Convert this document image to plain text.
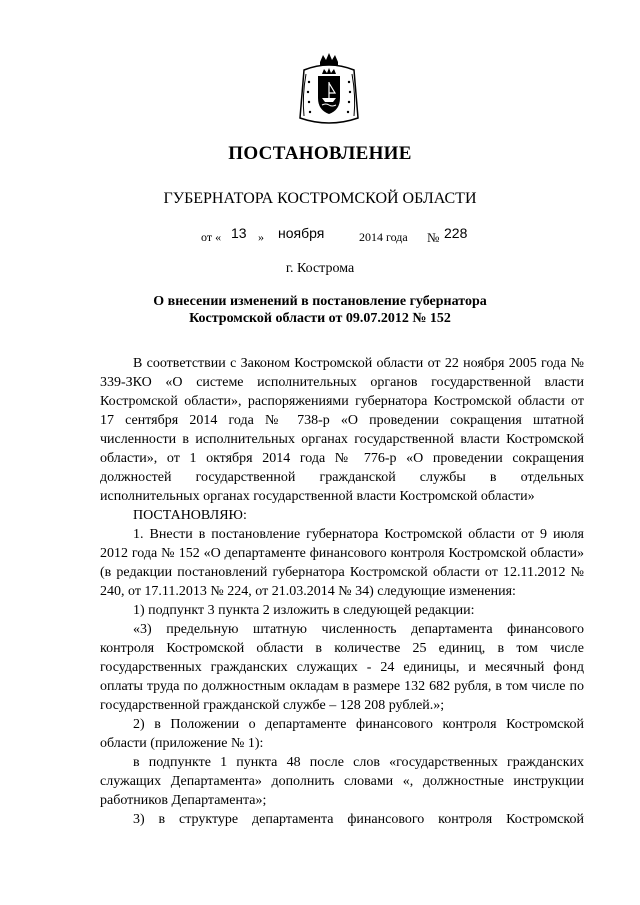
ПОСТАНОВЛЕНИЕ
ГУБЕРНАТОРА КОСТРОМСКОЙ ОБЛАСТИ
от « 13 » ноября	2014 года № 228
г. Кострома
О внесении изменений в постановление губернатора
Костромской области от 09.07.2012 № 152

В соответствии с Законом Костромской области от 22 ноября 2005 года № 339-ЗКО «О системе исполнительных органов государственной власти Костромской области», распоряжениями губернатора Костромской области от 17 сентября 2014 года № 738-р «О проведении сокращения штатной численности в исполнительных органах государственной власти Костромской области», от 1 октября 2014 года № 776-р «О проведении сокращения должностей государственной гражданской службы в отдельных исполнительных органах государственной власти Костромской области»

ПОСТАНОВЛЯЮ:

1. Внести в постановление губернатора Костромской области от 9 июля 2012 года № 152 «О департаменте финансового контроля Костромской области» (в редакции постановлений губернатора Костромской области от 12.11.2012 № 240, от 17.11.2013 № 224, от 21.03.2014 № 34) следующие изменения:

1) подпункт 3 пункта 2 изложить в следующей редакции:

«3) предельную штатную численность департамента финансового контроля Костромской области в количестве 25 единиц, в том числе государственных гражданских служащих - 24 единицы, и месячный фонд оплаты труда по должностным окладам в размере 132 682 рубля, в том числе по государственной гражданской службе – 128 208 рублей.»;

2) в Положении о департаменте финансового контроля Костромской области (приложение № 1):

в подпункте 1 пункта 48 после слов «государственных гражданских служащих Департамента» дополнить словами «, должностные инструкции работников Департамента»;

3) в структуре департамента финансового контроля Костромской
